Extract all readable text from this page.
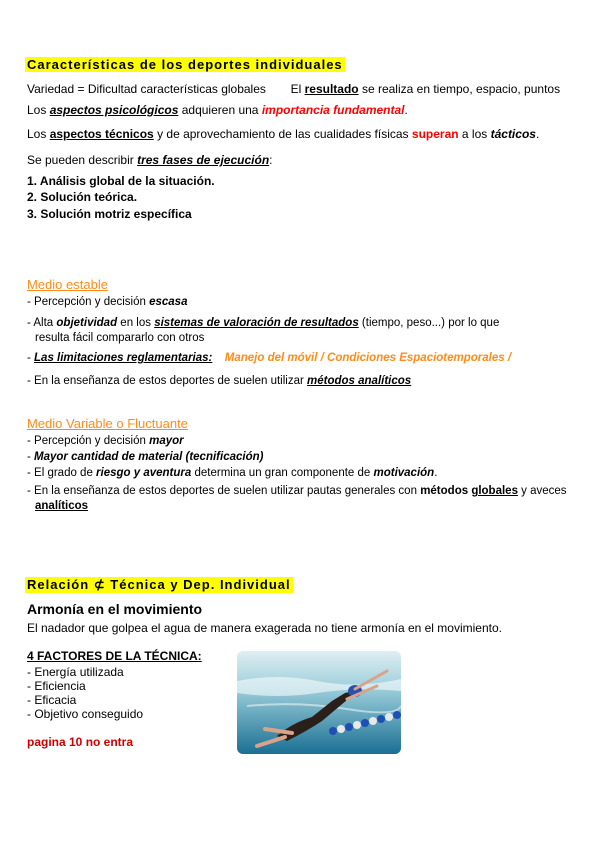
Características de los deportes individuales
Variedad = Dificultad características globales El resultado se realiza en tiempo, espacio, puntos
Los aspectos psicológicos adquieren una importancia fundamental.
Los aspectos técnicos y de aprovechamiento de las cualidades físicas superan a los tácticos.
Se pueden describir tres fases de ejecución:
1. Análisis global de la situación.
2. Solución teórica.
3. Solución motriz específica
Medio estable
- Percepción y decisión escasa
- Alta objetividad en los sistemas de valoración de resultados (tiempo, peso...) por lo que
resulta fácil compararlo con otros
- Las limitaciones reglamentarias: Manejo del móvil / Condiciones Espaciotemporales /
- En la enseñanza de estos deportes de suelen utilizar métodos analíticos
Medio Variable o Fluctuante
- Percepción y decisión mayor
- Mayor cantidad de material (tecnificación)
- El grado de riesgo y aventura determina un gran componente de motivación.
- En la enseñanza de estos deportes de suelen utilizar pautas generales con métodos globales y aveces
analíticos
Relación ⊄ Técnica y Dep. Individual
Armonía en el movimiento
El nadador que golpea el agua de manera exagerada no tiene armonía en el movimiento.
4 FACTORES DE LA TÉCNICA:
- Energía utilizada
- Eficiencia
- Eficacia
- Objetivo conseguido
pagina 10 no entra
